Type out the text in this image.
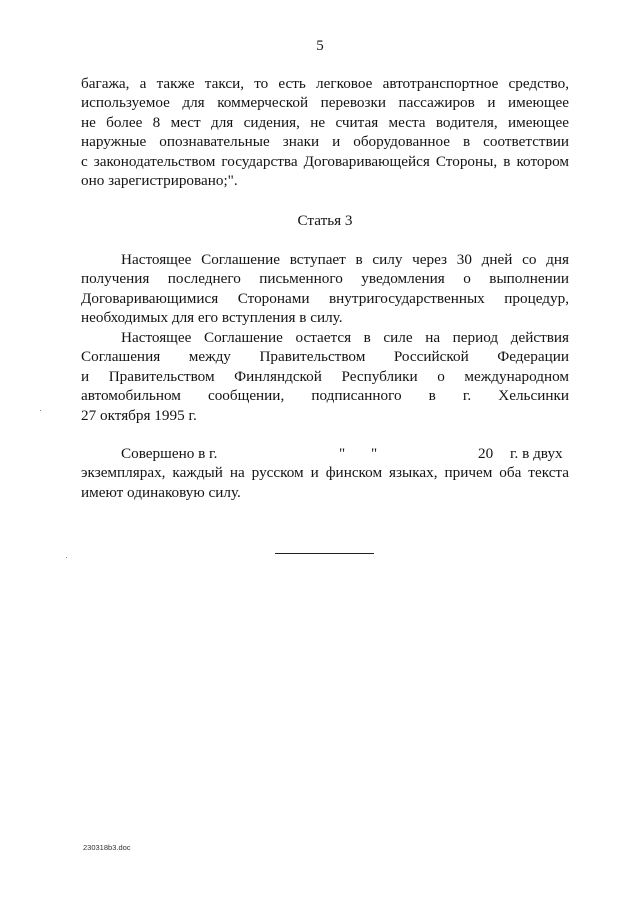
5
багажа, а также такси, то есть легковое автотранспортное средство,
используемое для коммерческой перевозки пассажиров и имеющее
не более 8 мест для сидения, не считая места водителя, имеющее
наружные опознавательные знаки и оборудованное в соответствии
с законодательством государства Договаривающейся Стороны, в котором
оно зарегистрировано;".
Статья 3
Настоящее Соглашение вступает в силу через 30 дней со дня
получения последнего письменного уведомления о выполнении
Договаривающимися Сторонами внутригосударственных процедур,
необходимых для его вступления в силу.
Настоящее Соглашение остается в силе на период действия
Соглашения между Правительством Российской Федерации
и Правительством Финляндской Республики о международном
автомобильном сообщении, подписанного в г. Хельсинки
27 октября 1995 г.
Совершено в г.	" "	20 г. в двух
экземплярах, каждый на русском и финском языках, причем оба текста
имеют одинаковую силу.
230318b3.doc
